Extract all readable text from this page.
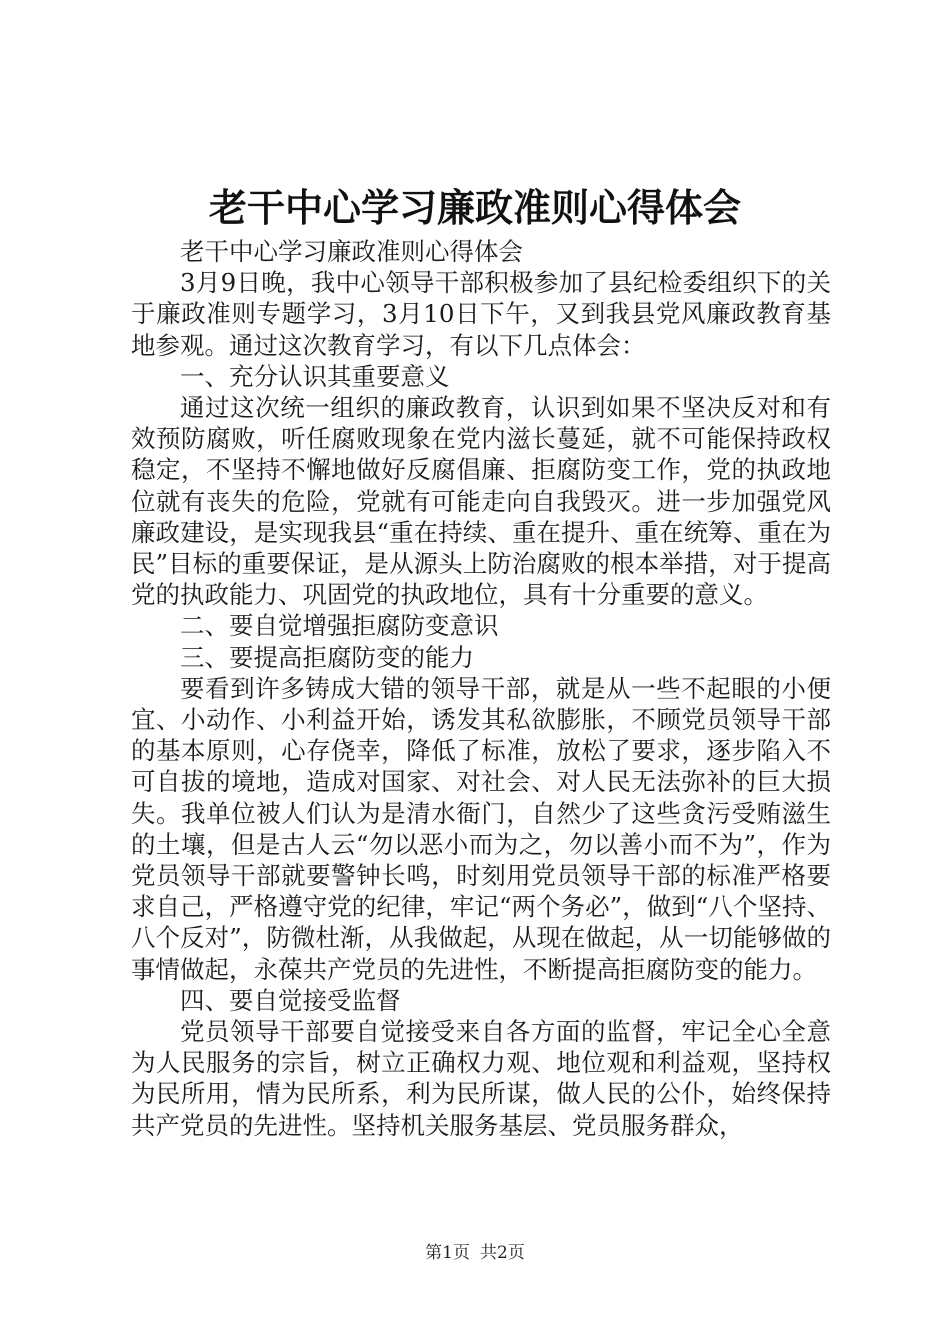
老干中心学习廉政准则心得体会

老干中心学习廉政准则心得体会

3月9日晚，我中心领导干部积极参加了县纪检委组织下的关于廉政准则专题学习，3月10日下午，又到我县党风廉政教育基地参观。通过这次教育学习，有以下几点体会：

一、充分认识其重要意义

通过这次统一组织的廉政教育，认识到如果不坚决反对和有效预防腐败，听任腐败现象在党内滋长蔓延，就不可能保持政权稳定，不坚持不懈地做好反腐倡廉、拒腐防变工作，党的执政地位就有丧失的危险，党就有可能走向自我毁灭。进一步加强党风廉政建设，是实现我县“重在持续、重在提升、重在统筹、重在为民”目标的重要保证，是从源头上防治腐败的根本举措，对于提高党的执政能力、巩固党的执政地位，具有十分重要的意义。

二、要自觉增强拒腐防变意识

三、要提高拒腐防变的能力

要看到许多铸成大错的领导干部，就是从一些不起眼的小便宜、小动作、小利益开始，诱发其私欲膨胀，不顾党员领导干部的基本原则，心存侥幸，降低了标准，放松了要求，逐步陷入不可自拔的境地，造成对国家、对社会、对人民无法弥补的巨大损失。我单位被人们认为是清水衙门，自然少了这些贪污受贿滋生的土壤，但是古人云“勿以恶小而为之，勿以善小而不为”，作为党员领导干部就要警钟长鸣，时刻用党员领导干部的标准严格要求自己，严格遵守党的纪律，牢记“两个务必”，做到“八个坚持、八个反对”，防微杜渐，从我做起，从现在做起，从一切能够做的事情做起，永葆共产党员的先进性，不断提高拒腐防变的能力。

四、要自觉接受监督

党员领导干部要自觉接受来自各方面的监督，牢记全心全意为人民服务的宗旨，树立正确权力观、地位观和利益观，坚持权为民所用，情为民所系，利为民所谋，做人民的公仆，始终保持共产党员的先进性。坚持机关服务基层、党员服务群众，

第1页 共2页
